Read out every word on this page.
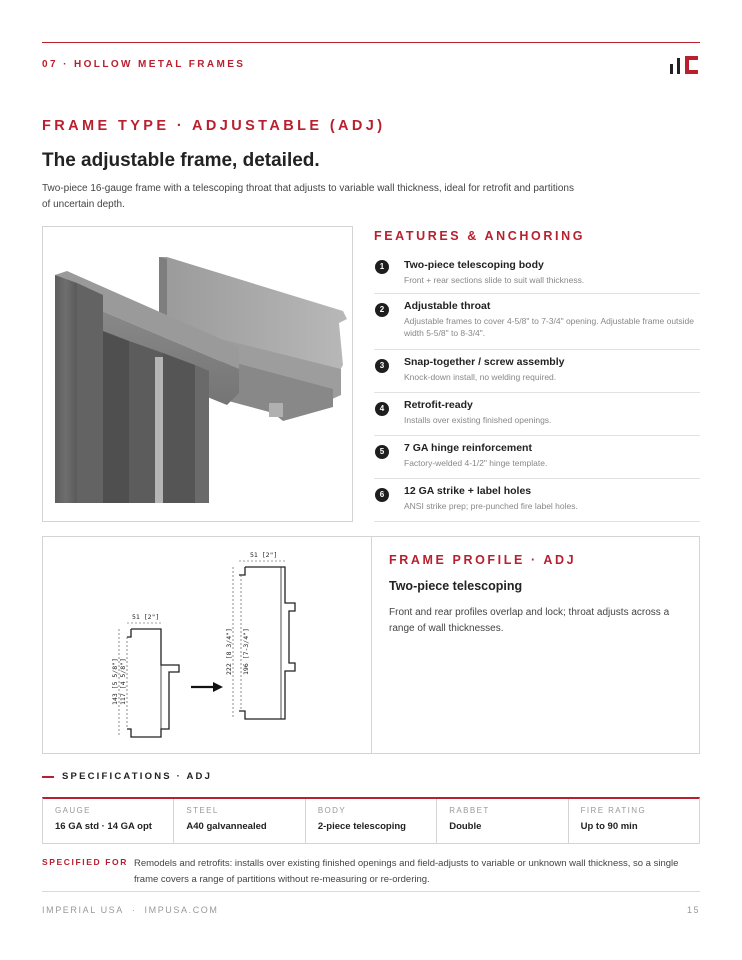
07 · HOLLOW METAL FRAMES
FRAME TYPE · ADJUSTABLE (ADJ)
The adjustable frame, detailed.
Two-piece 16-gauge frame with a telescoping throat that adjusts to variable wall thickness, ideal for retrofit and partitions of uncertain depth.
FEATURES & ANCHORING
1	Two-piece telescoping body
Front + rear sections slide to suit wall thickness.
2	Adjustable throat
Adjustable frames to cover 4-5/8" to 7-3/4" opening. Adjustable frame outside width 5-5/8" to 8-3/4".
3	Snap-together / screw assembly
Knock-down install, no welding required.
4	Retrofit-ready
Installs over existing finished openings.
5	7 GA hinge reinforcement
Factory-welded 4-1/2" hinge template.
6	12 GA strike + label holes
ANSI strike prep; pre-punched fire label holes.
51 [2"]
51 [2"]
143 [5 5/8"] 117 [4 5/8"]
222 [8 3/4"] 196 [7-3/4"]
FRAME PROFILE · ADJ
Two-piece telescoping
Front and rear profiles overlap and lock; throat adjusts across a range of wall thicknesses.
SPECIFICATIONS · ADJ
GAUGE
16 GA std · 14 GA opt
STEEL
A40 galvannealed
BODY
2-piece telescoping
RABBET
Double
FIRE RATING
Up to 90 min
SPECIFIED FOR Remodels and retrofits: installs over existing finished openings and field-adjusts to variable or unknown wall thickness, so a single frame covers a range of partitions without re-measuring or re-ordering.
IMPERIAL USA · IMPUSA.COM	15
